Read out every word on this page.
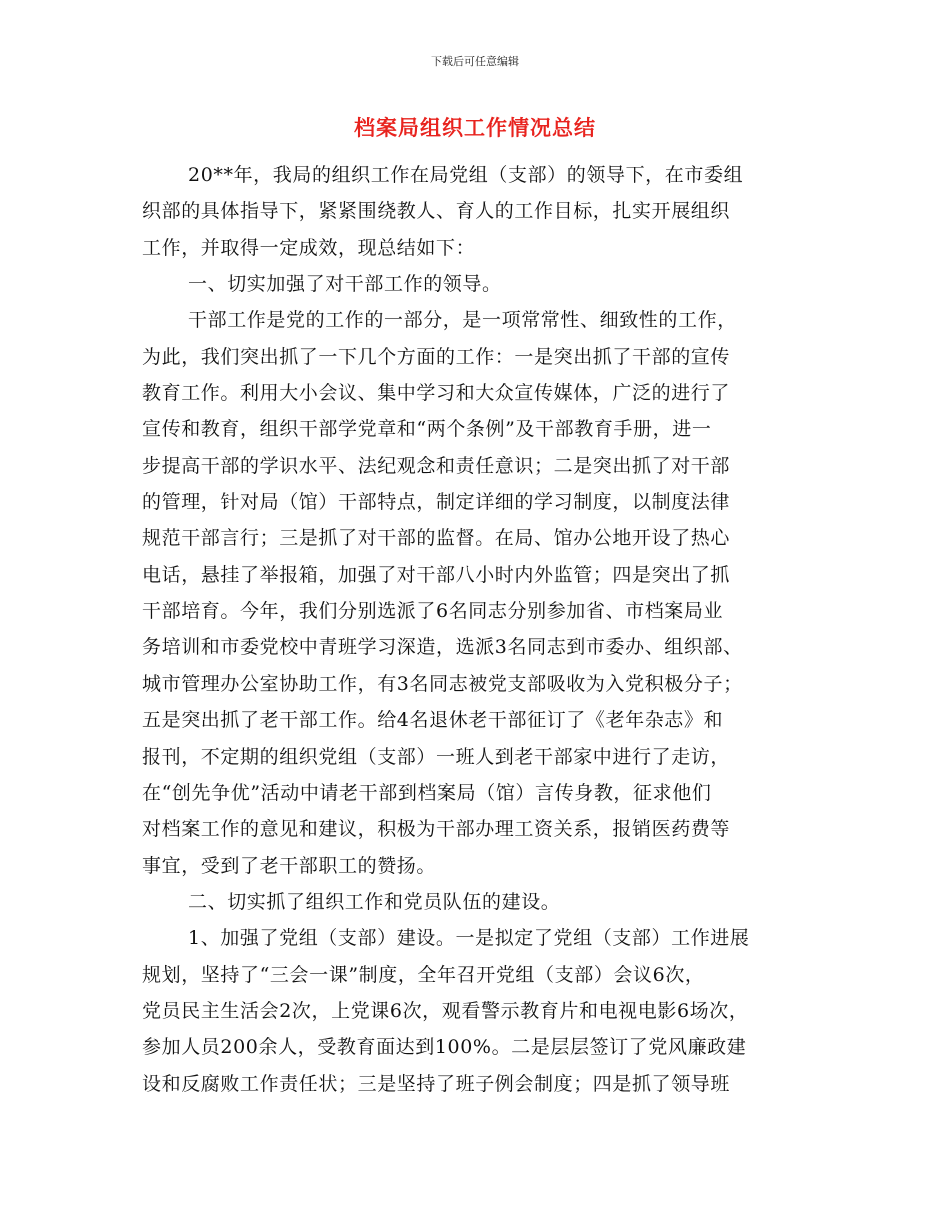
下载后可任意编辑
档案局组织工作情况总结
20**年，我局的组织工作在局党组（支部）的领导下，在市委组
织部的具体指导下，紧紧围绕教人、育人的工作目标，扎实开展组织
工作，并取得一定成效，现总结如下：
一、切实加强了对干部工作的领导。
干部工作是党的工作的一部分，是一项常常性、细致性的工作，
为此，我们突出抓了一下几个方面的工作：一是突出抓了干部的宣传
教育工作。利用大小会议、集中学习和大众宣传媒体，广泛的进行了
宣传和教育，组织干部学党章和“两个条例”及干部教育手册，进一
步提高干部的学识水平、法纪观念和责任意识；二是突出抓了对干部
的管理，针对局（馆）干部特点，制定详细的学习制度，以制度法律
规范干部言行；三是抓了对干部的监督。在局、馆办公地开设了热心
电话，悬挂了举报箱，加强了对干部八小时内外监管；四是突出了抓
干部培育。今年，我们分别选派了6名同志分别参加省、市档案局业
务培训和市委党校中青班学习深造，选派3名同志到市委办、组织部、
城市管理办公室协助工作，有3名同志被党支部吸收为入党积极分子；
五是突出抓了老干部工作。给4名退休老干部征订了《老年杂志》和
报刊，不定期的组织党组（支部）一班人到老干部家中进行了走访，
在“创先争优”活动中请老干部到档案局（馆）言传身教，征求他们
对档案工作的意见和建议，积极为干部办理工资关系，报销医药费等
事宜，受到了老干部职工的赞扬。
二、切实抓了组织工作和党员队伍的建设。
1、加强了党组（支部）建设。一是拟定了党组（支部）工作进展
规划，坚持了“三会一课”制度，全年召开党组（支部）会议6次，
党员民主生活会2次，上党课6次，观看警示教育片和电视电影6场次，
参加人员200余人，受教育面达到100%。二是层层签订了党风廉政建
设和反腐败工作责任状；三是坚持了班子例会制度；四是抓了领导班
